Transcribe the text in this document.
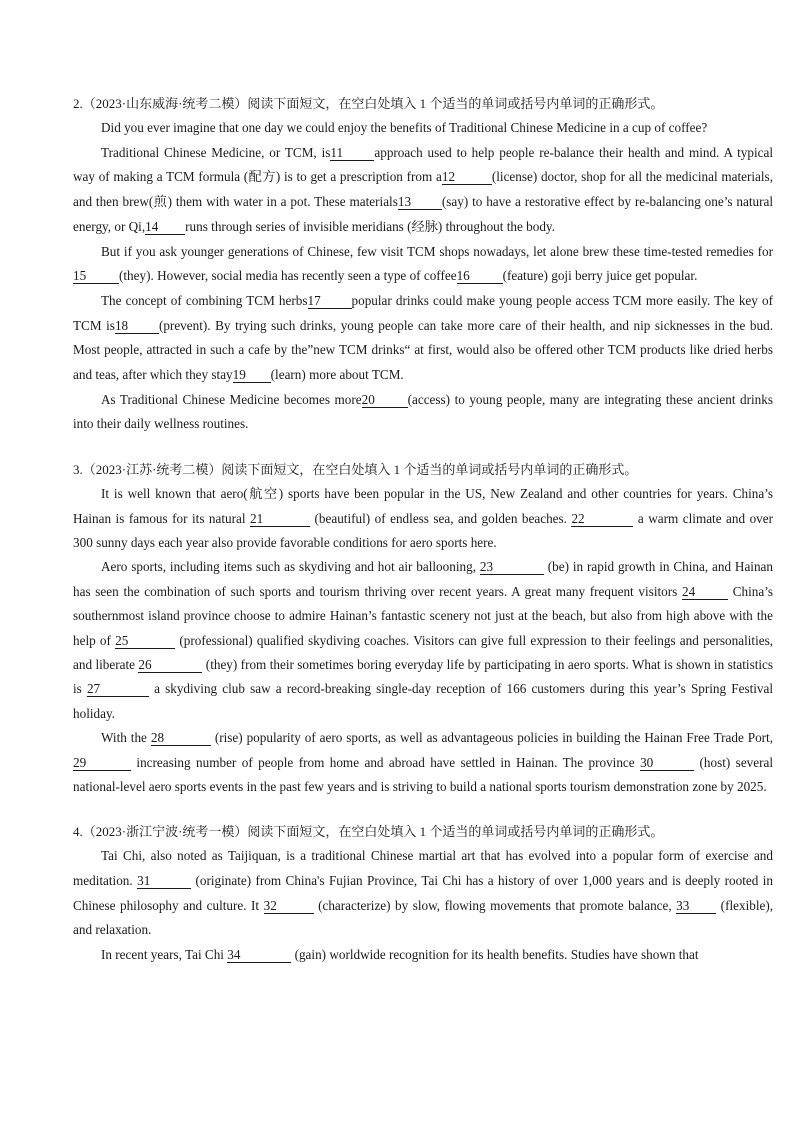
2.（2023·山东威海·统考二模）阅读下面短文，在空白处填入 1 个适当的单词或括号内单词的正确形式。

Did you ever imagine that one day we could enjoy the benefits of Traditional Chinese Medicine in a cup of coffee?

Traditional Chinese Medicine, or TCM, is11 approach used to help people re-balance their health and mind. A typical way of making a TCM formula (配方) is to get a prescription from a12	(license) doctor, shop for all the medicinal materials, and then brew(煎) them with water in a pot. These materials13 (say) to have a restorative effect by re-balancing one’s natural energy, or Qi,14 runs through series of invisible meridians (经脉) throughout the body.

But if you ask younger generations of Chinese, few visit TCM shops nowadays, let alone brew these time-tested remedies for15 (they). However, social media has recently seen a type of coffee16 (feature) goji berry juice get popular.

The concept of combining TCM herbs17 popular drinks could make young people access TCM more easily. The key of TCM is18 (prevent). By trying such drinks, young people can take more care of their health, and nip sicknesses in the bud. Most people, attracted in such a cafe by the”new TCM drinks“ at first, would also be offered other TCM products like dried herbs and teas, after which they stay19 (learn) more about TCM.

As Traditional Chinese Medicine becomes more20 (access) to young people, many are integrating these ancient drinks into their daily wellness routines.

3.（2023·江苏·统考二模）阅读下面短文，在空白处填入 1 个适当的单词或括号内单词的正确形式。

It is well known that aero(航空) sports have been popular in the US, New Zealand and other countries for years. China’s Hainan is famous for its natural 21	(beautiful) of endless sea, and golden beaches. 22	a warm climate and over 300 sunny days each year also provide favorable conditions for aero sports here.

Aero sports, including items such as skydiving and hot air ballooning, 23	(be) in rapid growth in China, and Hainan has seen the combination of such sports and tourism thriving over recent years. A great many frequent visitors 24	China’s southernmost island province choose to admire Hainan’s fantastic scenery not just at the beach, but also from high above with the help of 25	(professional) qualified skydiving coaches. Visitors can give full expression to their feelings and personalities, and liberate 26	(they) from their sometimes boring everyday life by participating in aero sports. What is shown in statistics is 27	a skydiving club saw a record-breaking single-day reception of 166 customers during this year’s Spring Festival holiday.

With the 28	(rise) popularity of aero sports, as well as advantageous policies in building the Hainan Free Trade Port, 29	increasing number of people from home and abroad have settled in Hainan. The province 30	(host) several national-level aero sports events in the past few years and is striving to build a national sports tourism demonstration zone by 2025.

4.（2023·浙江宁波·统考一模）阅读下面短文，在空白处填入 1 个适当的单词或括号内单词的正确形式。

Tai Chi, also noted as Taijiquan, is a traditional Chinese martial art that has evolved into a popular form of exercise and meditation. 31	(originate) from China's Fujian Province, Tai Chi has a history of over 1,000 years and is deeply rooted in Chinese philosophy and culture. It 32	(characterize) by slow, flowing movements that promote balance, 33 (flexible), and relaxation.

In recent years, Tai Chi 34	(gain) worldwide recognition for its health benefits. Studies have shown that
